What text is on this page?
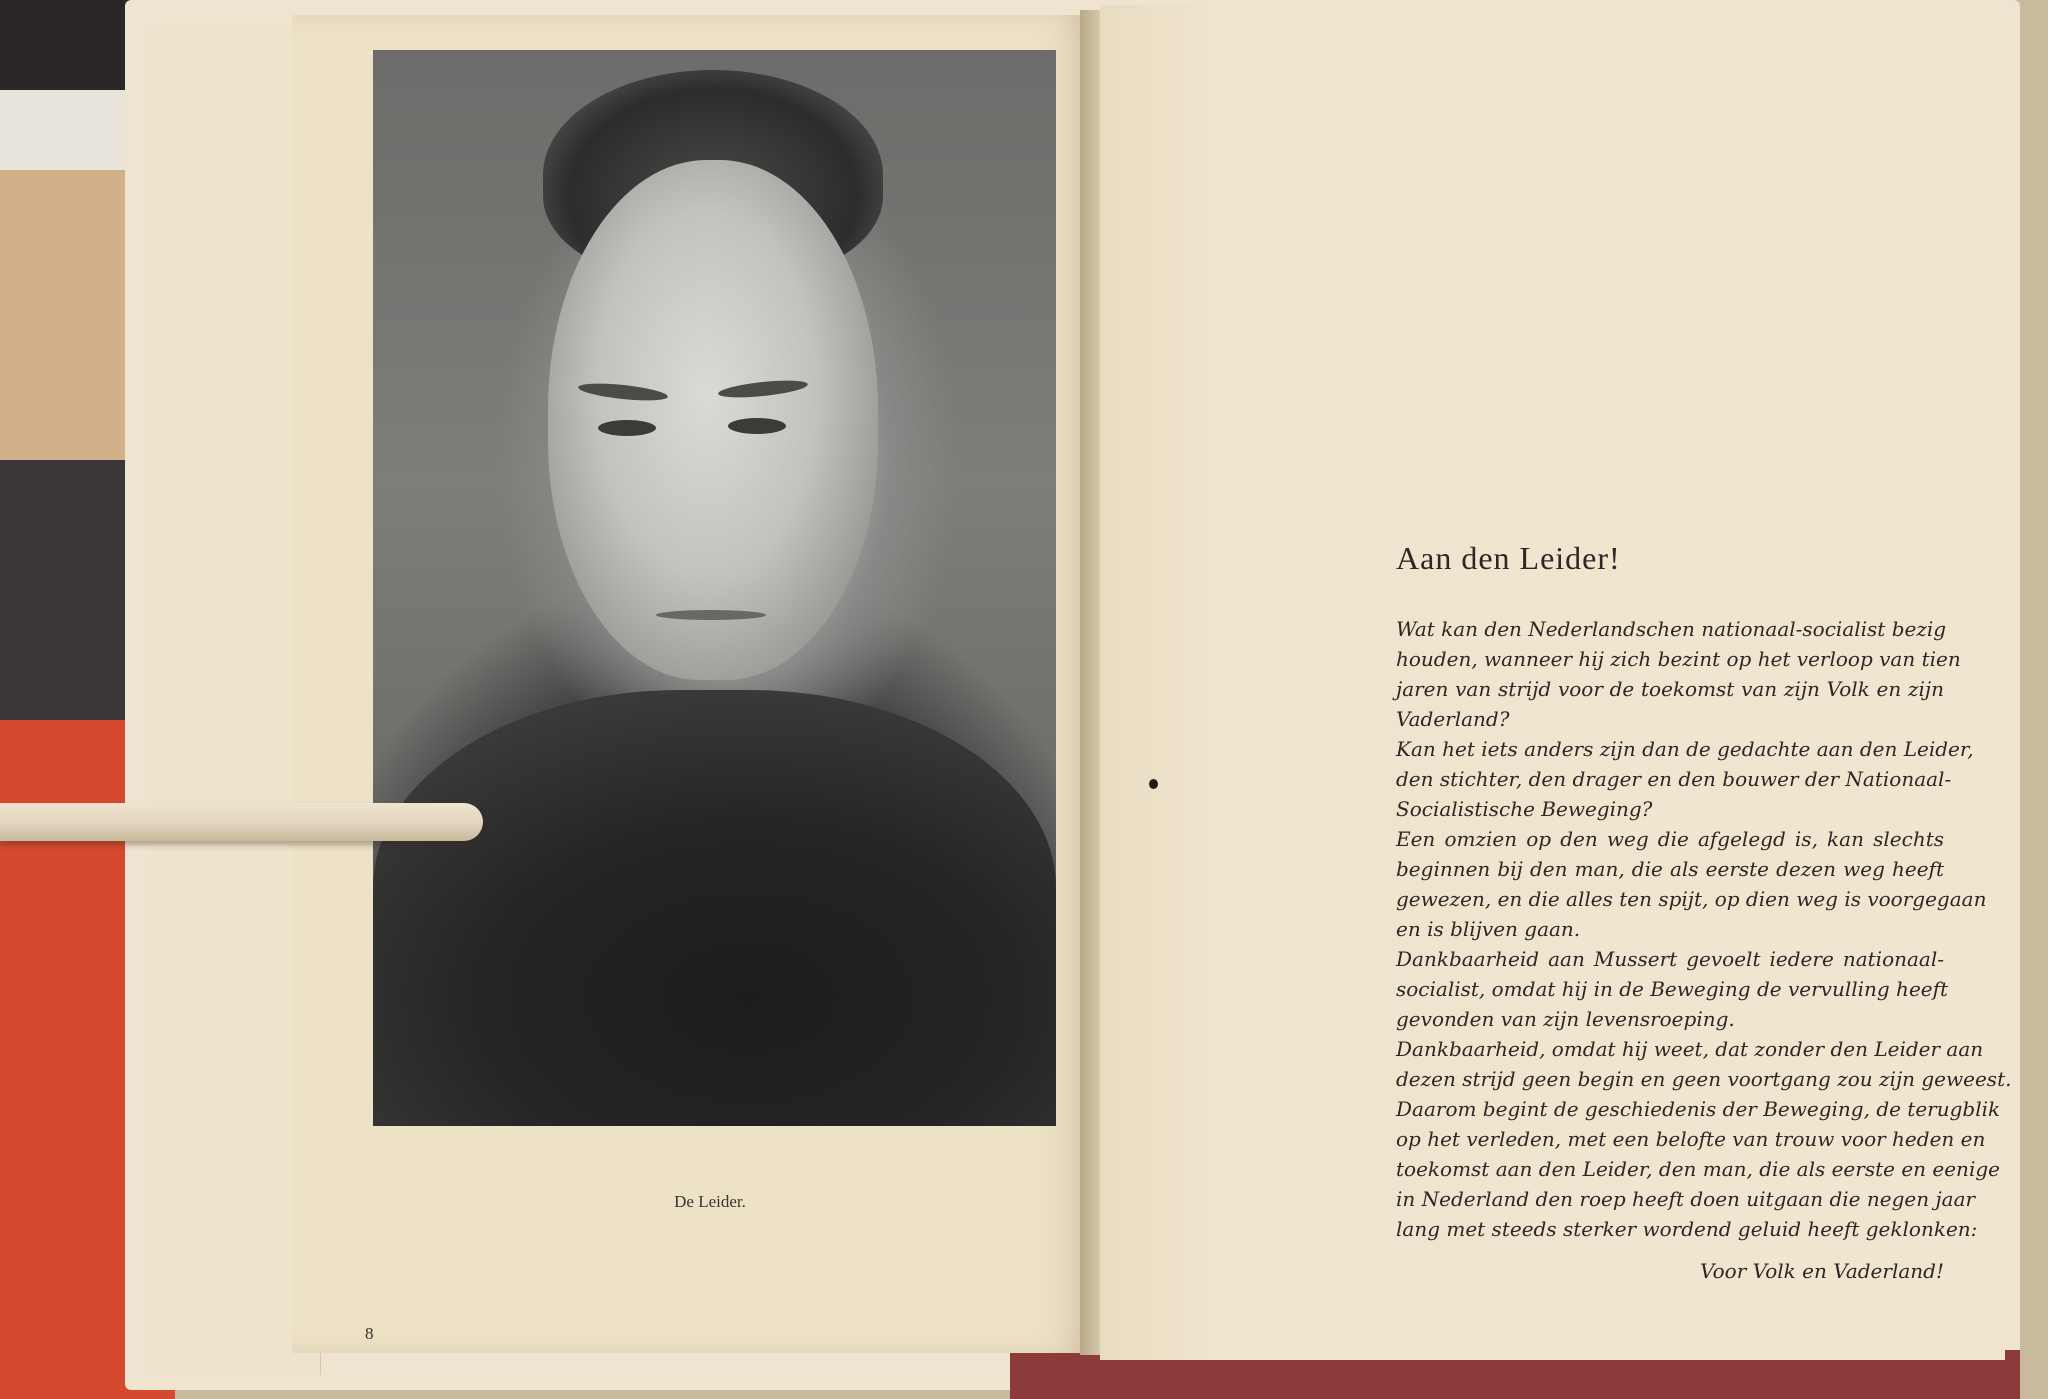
De Leider.
8
Aan den Leider!
Wat kan den Nederlandschen nationaal-socialist bezig
houden, wanneer hij zich bezint op het verloop van tien
jaren van strijd voor de toekomst van zijn Volk en zijn
Vaderland?
Kan het iets anders zijn dan de gedachte aan den Leider,
den stichter, den drager en den bouwer der Nationaal-
Socialistische Beweging?
Een omzien op den weg die afgelegd is, kan slechts
beginnen bij den man, die als eerste dezen weg heeft
gewezen, en die alles ten spijt, op dien weg is voorgegaan
en is blijven gaan.
Dankbaarheid aan Mussert gevoelt iedere nationaal-
socialist, omdat hij in de Beweging de vervulling heeft
gevonden van zijn levensroeping.
Dankbaarheid, omdat hij weet, dat zonder den Leider aan
dezen strijd geen begin en geen voortgang zou zijn geweest.
Daarom begint de geschiedenis der Beweging, de terugblik
op het verleden, met een belofte van trouw voor heden en
toekomst aan den Leider, den man, die als eerste en eenige
in Nederland den roep heeft doen uitgaan die negen jaar
lang met steeds sterker wordend geluid heeft geklonken:
Voor Volk en Vaderland!
